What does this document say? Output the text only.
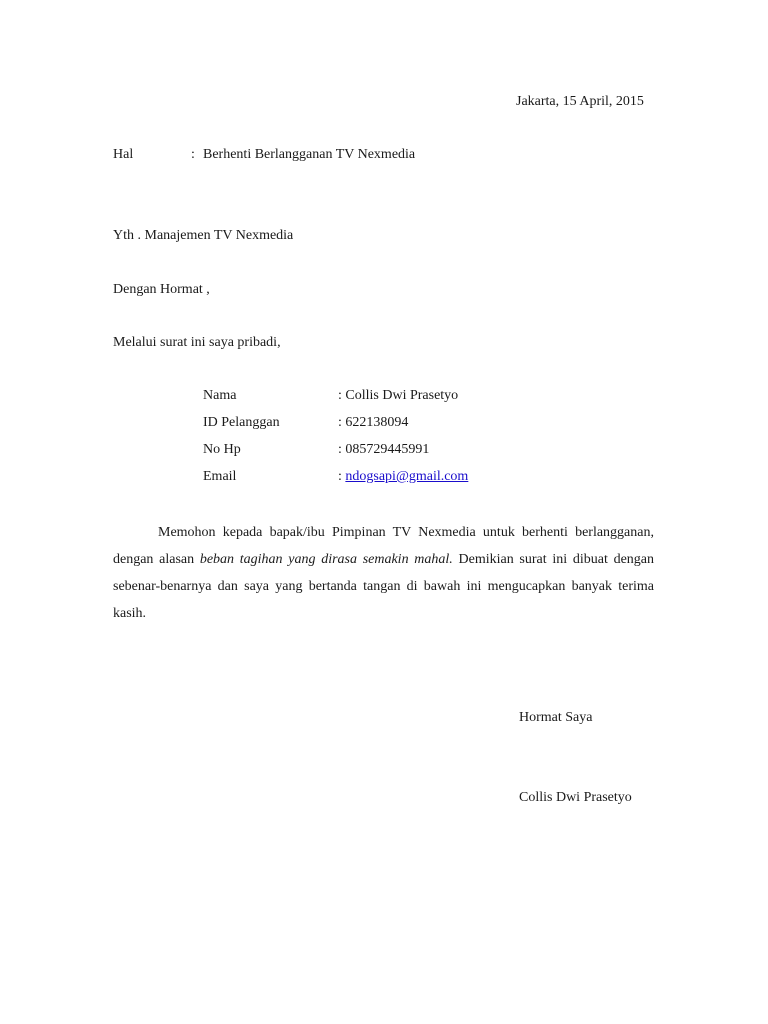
Jakarta, 15 April, 2015
Hal	: Berhenti Berlangganan TV Nexmedia
Yth . Manajemen TV Nexmedia
Dengan Hormat ,
Melalui surat ini saya pribadi,
Nama	: Collis Dwi Prasetyo
ID Pelanggan	: 622138094
No Hp	: 085729445991
Email	: ndogsapi@gmail.com

Memohon kepada bapak/ibu Pimpinan TV Nexmedia untuk berhenti berlangganan, dengan alasan beban tagihan yang dirasa semakin mahal. Demikian surat ini dibuat dengan sebenar-benarnya dan saya yang bertanda tangan di bawah ini mengucapkan banyak terima kasih.

Hormat Saya
Collis Dwi Prasetyo
